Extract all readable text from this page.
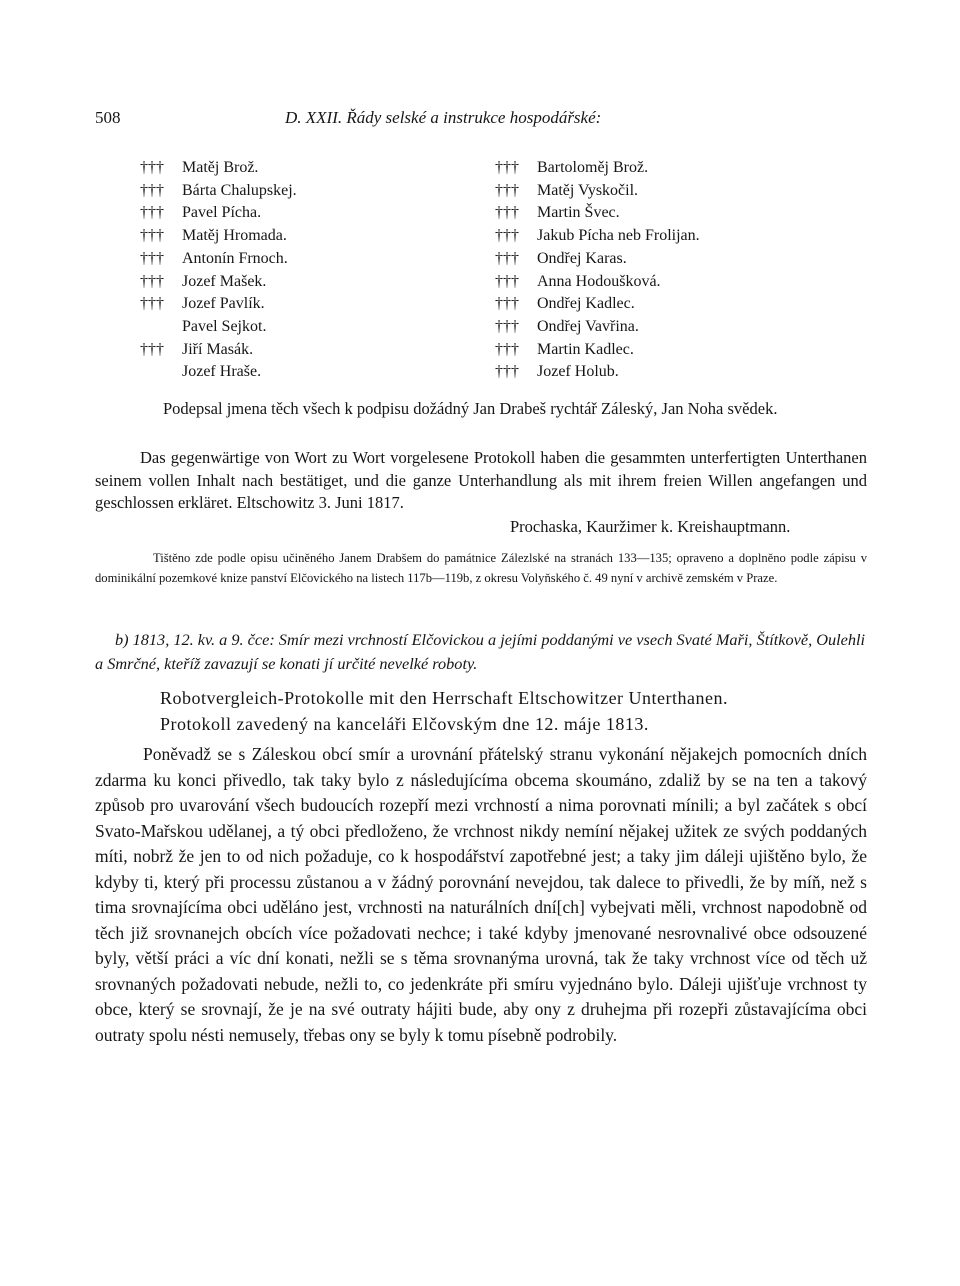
508	D. XXII. Řády selské a instrukce hospodářské:
††† Matěj Brož.
††† Bárta Chalupskej.
††† Pavel Pícha.
††† Matěj Hromada.
††† Antonín Frnoch.
††† Jozef Mašek.
††† Jozef Pavlík.
Pavel Sejkot.
††† Jiří Masák.
Jozef Hraše.
††† Bartoloměj Brož.
††† Matěj Vyskočil.
††† Martin Švec.
††† Jakub Pícha neb Frolijan.
††† Ondřej Karas.
††† Anna Hodoušková.
††† Ondřej Kadlec.
††† Ondřej Vavřina.
††† Martin Kadlec.
††† Jozef Holub.

Podepsal jmena těch všech k podpisu dožádný Jan Drabeš rychtář Záleský, Jan Noha svědek.

Das gegenwärtige von Wort zu Wort vorgelesene Protokoll haben die gesammten unterfertigten Unterthanen seinem vollen Inhalt nach bestätiget, und die ganze Unterhandlung als mit ihrem freien Willen angefangen und geschlossen erkläret. Eltschowitz 3. Juni 1817.

Prochaska, Kauržimer k. Kreishauptmann.

Tištěno zde podle opisu učiněného Janem Drabšem do památnice Zálezlské na stranách 133—135; opraveno a doplněno podle zápisu v dominikální pozemkové knize panství Elčovického na listech 117b—119b, z okresu Volyňského č. 49 nyní v archivě zemském v Praze.

b) 1813, 12. kv. a 9. čce: Smír mezi vrchností Elčovickou a jejími poddanými ve vsech Svaté Maři, Štítkově, Oulehli a Smrčné, kteříž zavazují se konati jí určité nevelké roboty.

Robotvergleich-Protokolle mit den Herrschaft Eltschowitzer Unterthanen.
Protokoll zavedený na kanceláři Elčovským dne 12. máje 1813.

Poněvadž se s Záleskou obcí smír a urovnání přátelský stranu vykonání nějakejch pomocních dních zdarma ku konci přivedlo, tak taky bylo z následujícíma obcema skoumáno, zdaliž by se na ten a takový způsob pro uvarování všech budoucích rozepří mezi vrchností a nima porovnati mínili; a byl začátek s obcí Svato-Mařskou udělanej, a tý obci předloženo, že vrchnost nikdy nemíní nějakej užitek ze svých poddaných míti, nobrž že jen to od nich požaduje, co k hospodářství zapotřebné jest; a taky jim dáleji ujištěno bylo, že kdyby ti, který při processu zůstanou a v žádný porovnání nevejdou, tak dalece to přivedli, že by míň, než s tima srovnajícíma obci uděláno jest, vrchnosti na naturálních dní[ch] vybejvati měli, vrchnost napodobně od těch již srovnanejch obcích více požadovati nechce; i také kdyby jmenované nesrovnalivé obce odsouzené byly, větší práci a víc dní konati, nežli se s těma srovnanýma urovná, tak že taky vrchnost více od těch už srovnaných požadovati nebude, nežli to, co jedenkráte při smíru vyjednáno bylo. Dáleji ujišťuje vrchnost ty obce, který se srovnají, že je na své outraty hájiti bude, aby ony z druhejma při rozepři zůstavajícíma obci outraty spolu nésti nemusely, třebas ony se byly k tomu písebně podrobily.
